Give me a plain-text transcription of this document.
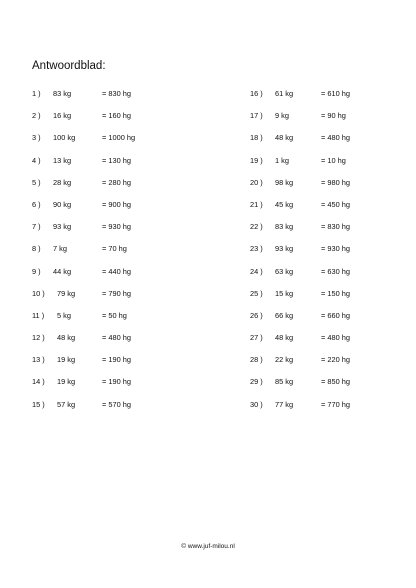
Antwoordblad:
1 ) 83 kg	= 830 hg
2 ) 16 kg	= 160 hg
3 ) 100 kg	= 1000 hg
4 ) 13 kg	= 130 hg
5 ) 28 kg	= 280 hg
6 ) 90 kg	= 900 hg
7 ) 93 kg	= 930 hg
8 ) 7 kg	= 70 hg
9 ) 44 kg	= 440 hg
10 ) 79 kg	= 790 hg
11 ) 5 kg	= 50 hg
12 ) 48 kg	= 480 hg
13 ) 19 kg	= 190 hg
14 ) 19 kg	= 190 hg
15 ) 57 kg	= 570 hg
16 ) 61 kg	= 610 hg
17 ) 9 kg	= 90 hg
18 ) 48 kg	= 480 hg
19 ) 1 kg	= 10 hg
20 ) 98 kg	= 980 hg
21 ) 45 kg	= 450 hg
22 ) 83 kg	= 830 hg
23 ) 93 kg	= 930 hg
24 ) 63 kg	= 630 hg
25 ) 15 kg	= 150 hg
26 ) 66 kg	= 660 hg
27 ) 48 kg	= 480 hg
28 ) 22 kg	= 220 hg
29 ) 85 kg	= 850 hg
30 ) 77 kg	= 770 hg
© www.juf-milou.nl
